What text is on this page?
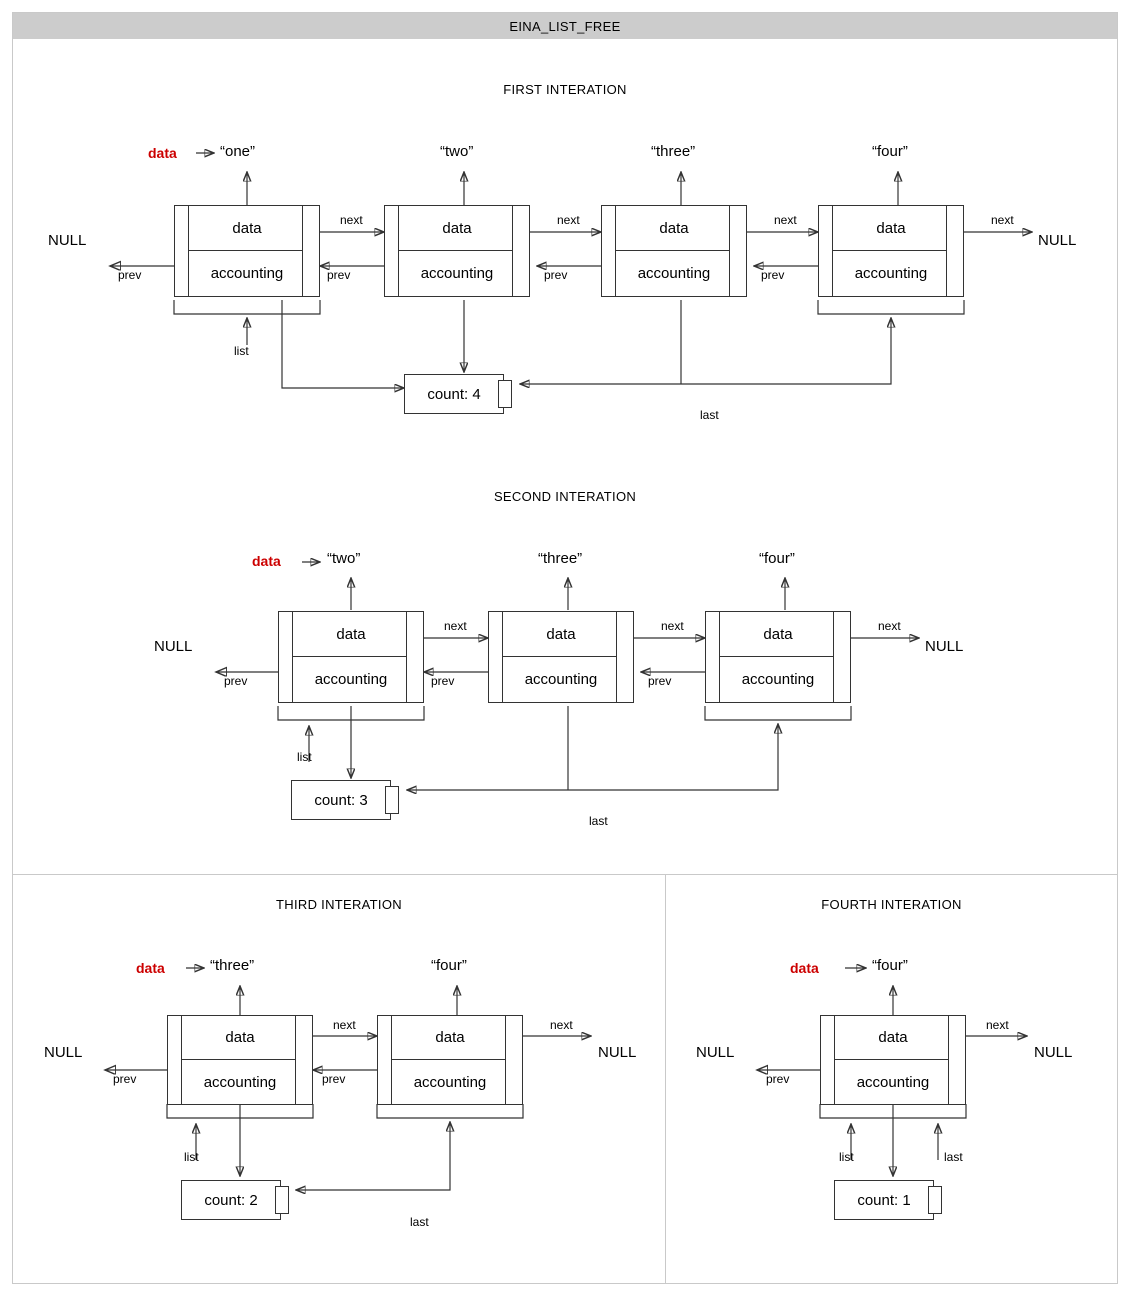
EINA_LIST_FREE
FIRST INTERATION
data	“one”	“two”	“three”	“four”
NULL	NULL
data
accounting
data
accounting
data
accounting
data
accounting
next	next	next	next
prev	prev	prev	prev
list
last
count: 4
SECOND INTERATION
data	“two”	“three”	“four”
NULL	NULL
data
accounting
data
accounting
data
accounting
next	next	next
prev	prev	prev
list
last
count: 3
THIRD INTERATION
data	“three”	“four”
NULL	NULL
data
accounting
data
accounting
next	next
prev	prev
list
last
count: 2
FOURTH INTERATION
data	“four”
NULL	NULL
data
accounting
next
prev
list	last
count: 1
